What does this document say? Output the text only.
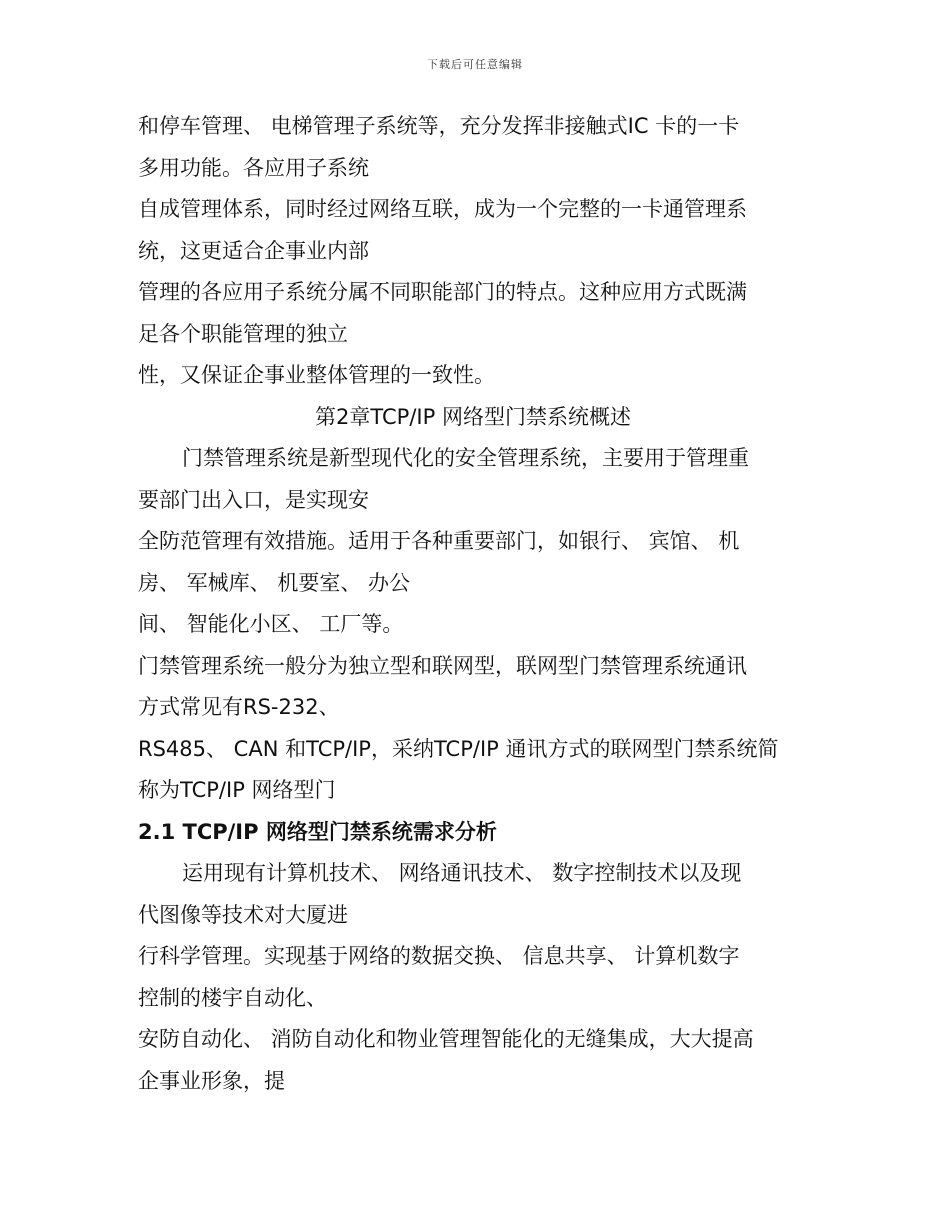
下载后可任意编辑
和停车管理、 电梯管理子系统等，充分发挥非接触式IC 卡的一卡
多用功能。各应用子系统
自成管理体系，同时经过网络互联，成为一个完整的一卡通管理系
统，这更适合企事业内部
管理的各应用子系统分属不同职能部门的特点。这种应用方式既满
足各个职能管理的独立
性，又保证企事业整体管理的一致性。
第2章TCP/IP 网络型门禁系统概述
门禁管理系统是新型现代化的安全管理系统，主要用于管理重
要部门出入口，是实现安
全防范管理有效措施。适用于各种重要部门，如银行、 宾馆、 机
房、 军械库、 机要室、 办公
间、 智能化小区、 工厂等。
门禁管理系统一般分为独立型和联网型，联网型门禁管理系统通讯
方式常见有RS-232、
RS485、 CAN 和TCP/IP，采纳TCP/IP 通讯方式的联网型门禁系统简
称为TCP/IP 网络型门
2.1 TCP/IP 网络型门禁系统需求分析
运用现有计算机技术、 网络通讯技术、 数字控制技术以及现
代图像等技术对大厦进
行科学管理。实现基于网络的数据交换、 信息共享、 计算机数字
控制的楼宇自动化、
安防自动化、 消防自动化和物业管理智能化的无缝集成，大大提高
企事业形象，提
